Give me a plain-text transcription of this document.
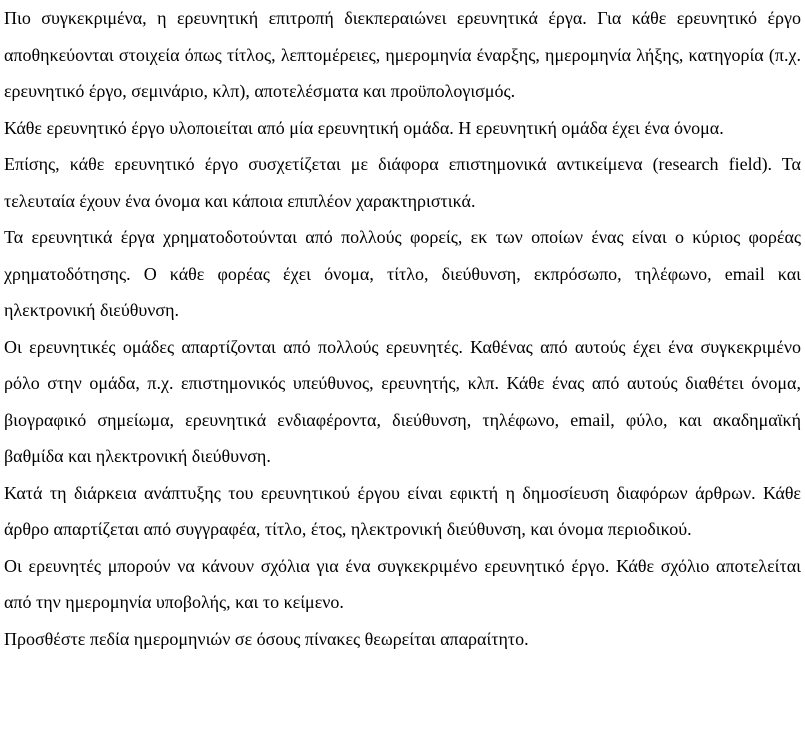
Πιο συγκεκριμένα, η ερευνητική επιτροπή διεκπεραιώνει ερευνητικά έργα. Για κάθε ερευνητικό έργο αποθηκεύονται στοιχεία όπως τίτλος, λεπτομέρειες, ημερομηνία έναρξης, ημερομηνία λήξης, κατηγορία (π.χ. ερευνητικό έργο, σεμινάριο, κλπ), αποτελέσματα και προϋπολογισμός.

Κάθε ερευνητικό έργο υλοποιείται από μία ερευνητική ομάδα. Η ερευνητική ομάδα έχει ένα όνομα.

Επίσης, κάθε ερευνητικό έργο συσχετίζεται με διάφορα επιστημονικά αντικείμενα (research field). Τα τελευταία έχουν ένα όνομα και κάποια επιπλέον χαρακτηριστικά.

Τα ερευνητικά έργα χρηματοδοτούνται από πολλούς φορείς, εκ των οποίων ένας είναι ο κύριος φορέας χρηματοδότησης. Ο κάθε φορέας έχει όνομα, τίτλο, διεύθυνση, εκπρόσωπο, τηλέφωνο, email και ηλεκτρονική διεύθυνση.

Οι ερευνητικές ομάδες απαρτίζονται από πολλούς ερευνητές. Καθένας από αυτούς έχει ένα συγκεκριμένο ρόλο στην ομάδα, π.χ. επιστημονικός υπεύθυνος, ερευνητής, κλπ. Κάθε ένας από αυτούς διαθέτει όνομα, βιογραφικό σημείωμα, ερευνητικά ενδιαφέροντα, διεύθυνση, τηλέφωνο, email, φύλο, και ακαδημαϊκή βαθμίδα και ηλεκτρονική διεύθυνση.

Κατά τη διάρκεια ανάπτυξης του ερευνητικού έργου είναι εφικτή η δημοσίευση διαφόρων άρθρων. Κάθε άρθρο απαρτίζεται από συγγραφέα, τίτλο, έτος, ηλεκτρονική διεύθυνση, και όνομα περιοδικού.

Οι ερευνητές μπορούν να κάνουν σχόλια για ένα συγκεκριμένο ερευνητικό έργο. Κάθε σχόλιο αποτελείται από την ημερομηνία υποβολής, και το κείμενο.

Προσθέστε πεδία ημερομηνιών σε όσους πίνακες θεωρείται απαραίτητο.
